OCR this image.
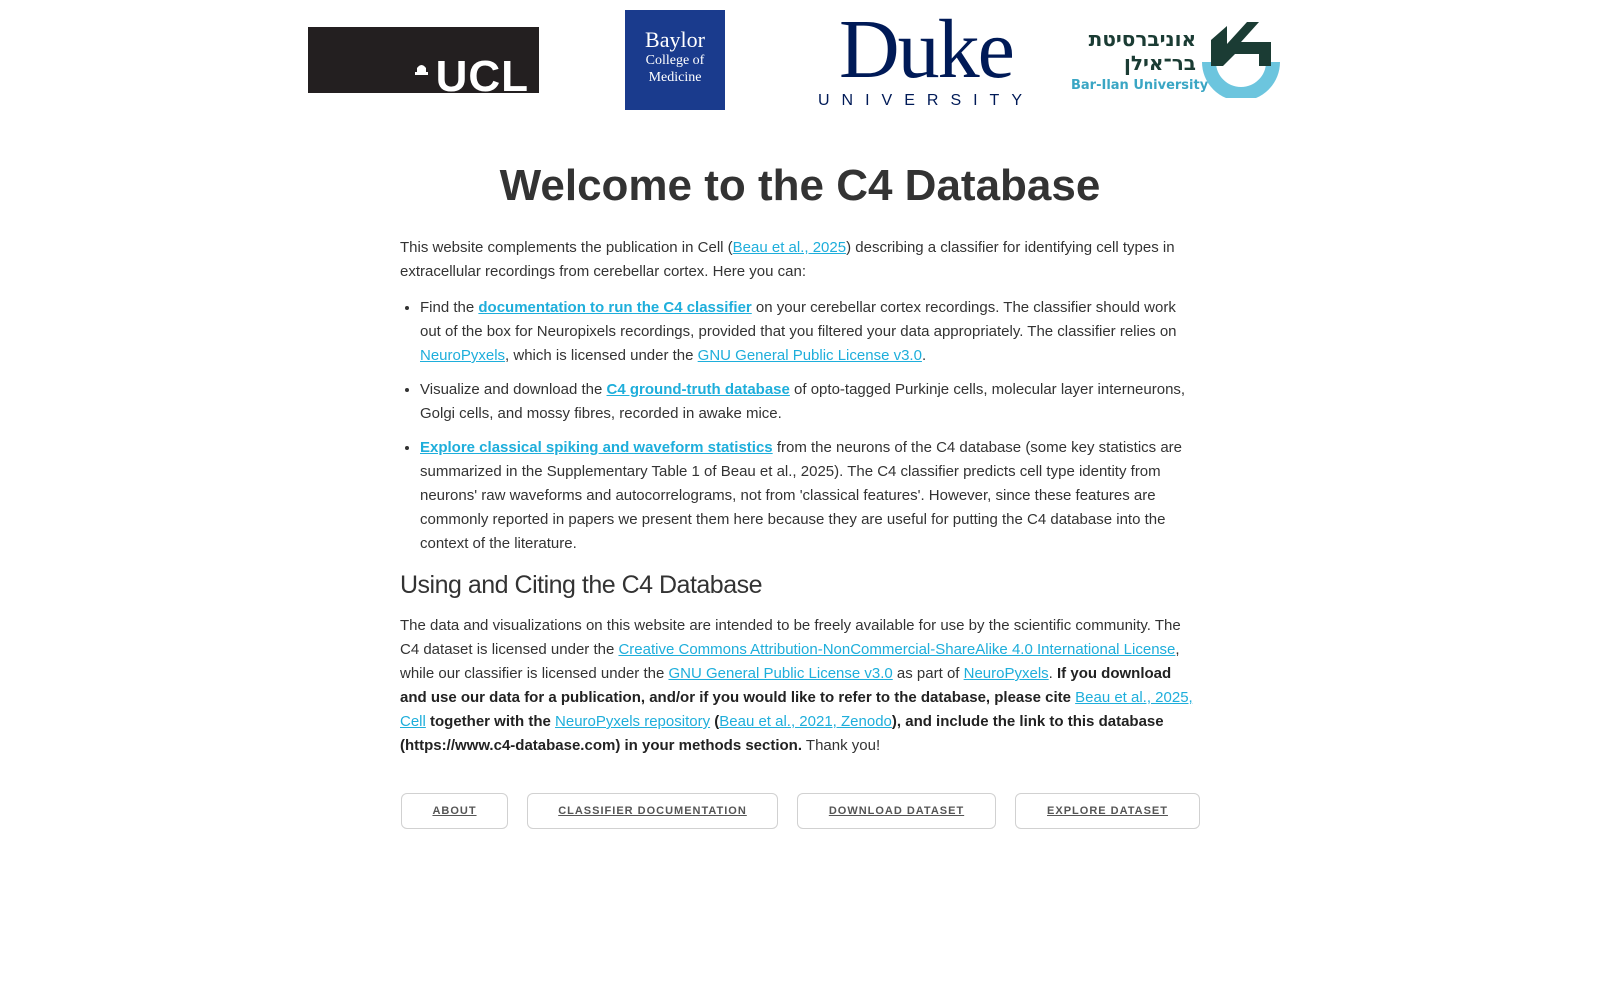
UCL
Baylor
College of
Medicine	Duke
UNIVERSITY
אוניברסיטת
בר־אילן
Bar-Ilan University
Welcome to the C4 Database

This website complements the publication in Cell (Beau et al., 2025) describing a classifier for identifying cell types in extracellular recordings from cerebellar cortex. Here you can:

• Find the documentation to run the C4 classifier on your cerebellar cortex recordings. The classifier should work out of the box for Neuropixels recordings, provided that you filtered your data appropriately. The classifier relies on NeuroPyxels, which is licensed under the GNU General Public License v3.0.
• Visualize and download the C4 ground-truth database of opto-tagged Purkinje cells, molecular layer interneurons, Golgi cells, and mossy fibres, recorded in awake mice.
• Explore classical spiking and waveform statistics from the neurons of the C4 database (some key statistics are summarized in the Supplementary Table 1 of Beau et al., 2025). The C4 classifier predicts cell type identity from neurons' raw waveforms and autocorrelograms, not from 'classical features'. However, since these features are commonly reported in papers we present them here because they are useful for putting the C4 database into the context of the literature.
Using and Citing the C4 Database

The data and visualizations on this website are intended to be freely available for use by the scientific community. The C4 dataset is licensed under the Creative Commons Attribution-NonCommercial-ShareAlike 4.0 International License, while our classifier is licensed under the GNU General Public License v3.0 as part of NeuroPyxels. If you download and use our data for a publication, and/or if you would like to refer to the database, please cite Beau et al., 2025, Cell together with the NeuroPyxels repository (Beau et al., 2021, Zenodo), and include the link to this database (https://www.c4-database.com) in your methods section. Thank you!

ABOUT	CLASSIFIER DOCUMENTATION	DOWNLOAD DATASET	EXPLORE DATASET
